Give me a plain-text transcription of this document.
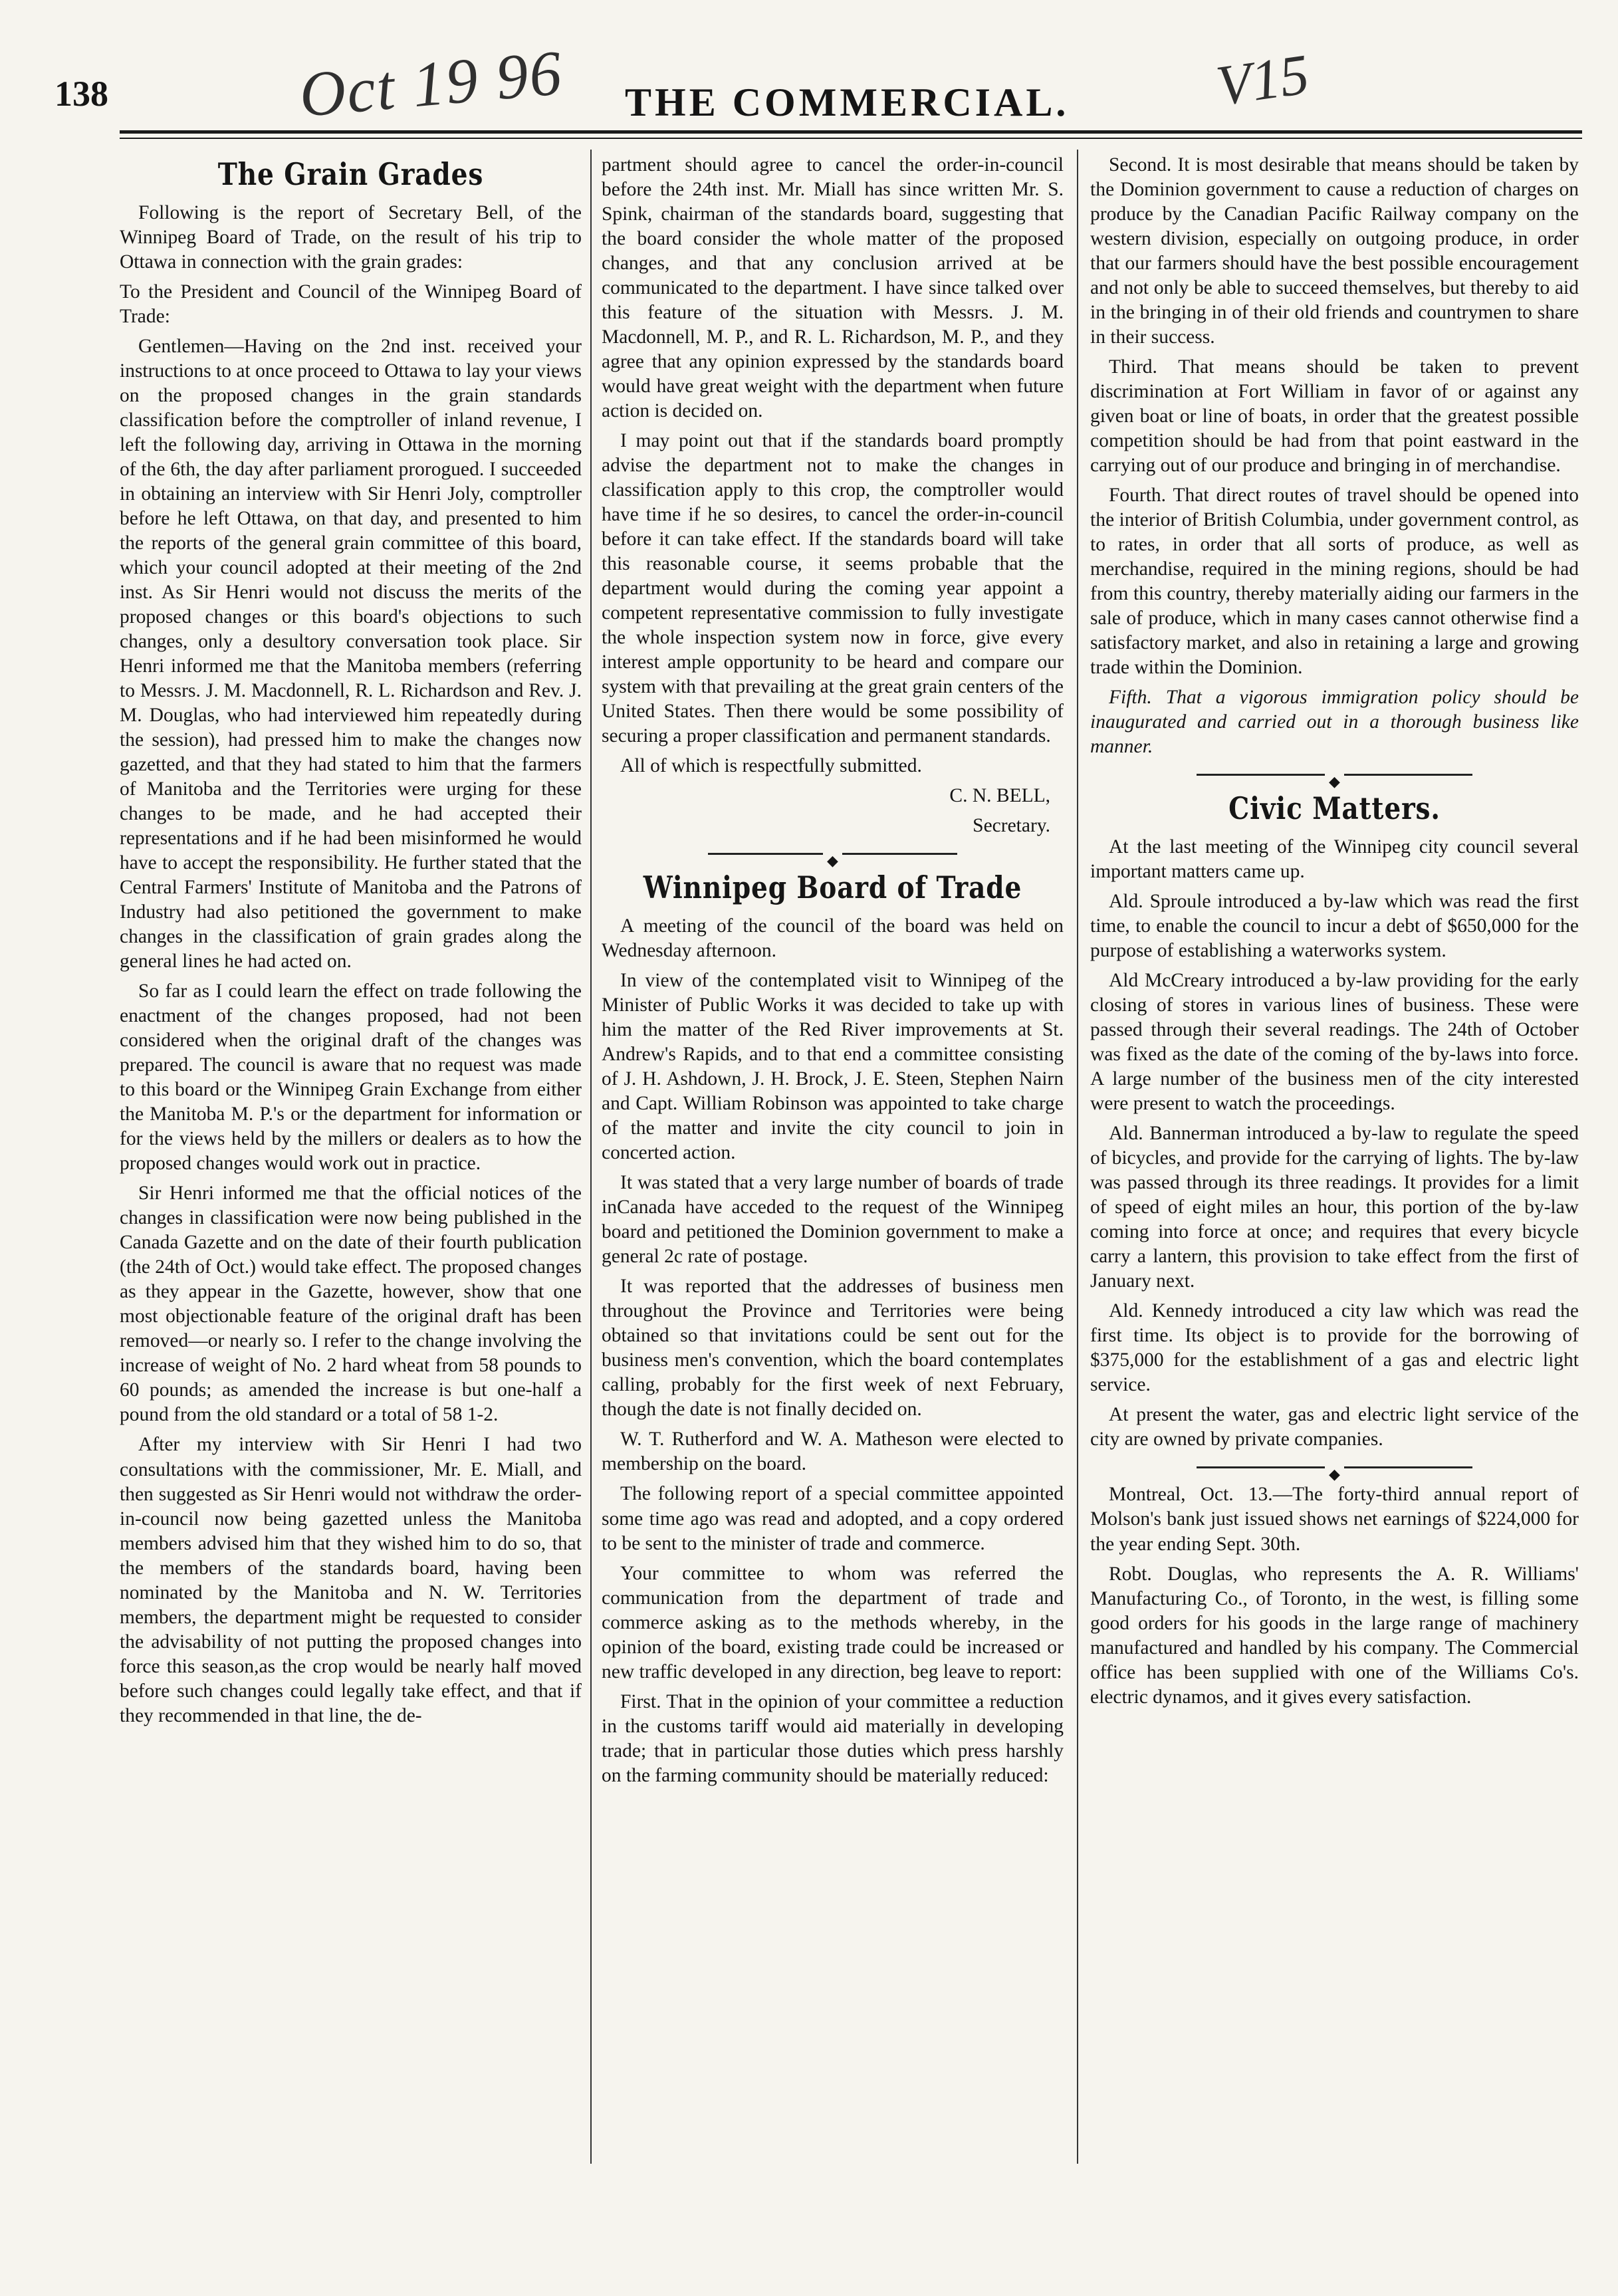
138	Oct 19 96 THE COMMERCIAL.	V15
The Grain Grades

Following is the report of Secretary Bell, of the Winnipeg Board of Trade, on the result of his trip to Ottawa in connection with the grain grades:

To the President and Council of the Winnipeg Board of Trade:

Gentlemen—Having on the 2nd inst. received your instructions to at once proceed to Ottawa to lay your views on the proposed changes in the grain standards classification before the comptroller of inland revenue, I left the following day, arriving in Ottawa in the morning of the 6th, the day after parliament prorogued. I succeeded in obtaining an interview with Sir Henri Joly, comptroller before he left Ottawa, on that day, and presented to him the reports of the general grain committee of this board, which your council adopted at their meeting of the 2nd inst. As Sir Henri would not discuss the merits of the proposed changes or this board's objections to such changes, only a desultory conversation took place. Sir Henri informed me that the Manitoba members (referring to Messrs. J. M. Macdonnell, R. L. Richardson and Rev. J. M. Douglas, who had interviewed him repeatedly during the session), had pressed him to make the changes now gazetted, and that they had stated to him that the farmers of Manitoba and the Territories were urging for these changes to be made, and he had accepted their representations and if he had been misinformed he would have to accept the responsibility. He further stated that the Central Farmers' Institute of Manitoba and the Patrons of Industry had also petitioned the government to make changes in the classification of grain grades along the general lines he had acted on.

So far as I could learn the effect on trade following the enactment of the changes proposed, had not been considered when the original draft of the changes was prepared. The council is aware that no request was made to this board or the Winnipeg Grain Exchange from either the Manitoba M. P.'s or the department for information or for the views held by the millers or dealers as to how the proposed changes would work out in practice.

Sir Henri informed me that the official notices of the changes in classification were now being published in the Canada Gazette and on the date of their fourth publication (the 24th of Oct.) would take effect. The proposed changes as they appear in the Gazette, however, show that one most objectionable feature of the original draft has been removed—or nearly so. I refer to the change involving the increase of weight of No. 2 hard wheat from 58 pounds to 60 pounds; as amended the increase is but one-half a pound from the old standard or a total of 58 1-2.

After my interview with Sir Henri I had two consultations with the commissioner, Mr. E. Miall, and then suggested as Sir Henri would not withdraw the order-in-council now being gazetted unless the Manitoba members advised him that they wished him to do so, that the members of the standards board, having been nominated by the Manitoba and N. W. Territories members, the department might be requested to consider the advisability of not putting the proposed changes into force this season,as the crop would be nearly half moved before such changes could legally take effect, and that if they recommended in that line, the de-

partment should agree to cancel the order-in-council before the 24th inst. Mr. Miall has since written Mr. S. Spink, chairman of the standards board, suggesting that the board consider the whole matter of the proposed changes, and that any conclusion arrived at be communicated to the department. I have since talked over this feature of the situation with Messrs. J. M. Macdonnell, M. P., and R. L. Richardson, M. P., and they agree that any opinion expressed by the standards board would have great weight with the department when future action is decided on.

I may point out that if the standards board promptly advise the department not to make the changes in classification apply to this crop, the comptroller would have time if he so desires, to cancel the order-in-council before it can take effect. If the standards board will take this reasonable course, it seems probable that the department would during the coming year appoint a competent representative commission to fully investigate the whole inspection system now in force, give every interest ample opportunity to be heard and compare our system with that prevailing at the great grain centers of the United States. Then there would be some possibility of securing a proper classification and permanent standards.

All of which is respectfully submitted.

C. N. BELL,

Secretary.

◆
Winnipeg Board of Trade

A meeting of the council of the board was held on Wednesday afternoon.

In view of the contemplated visit to Winnipeg of the Minister of Public Works it was decided to take up with him the matter of the Red River improvements at St. Andrew's Rapids, and to that end a committee consisting of J. H. Ashdown, J. H. Brock, J. E. Steen, Stephen Nairn and Capt. William Robinson was appointed to take charge of the matter and invite the city council to join in concerted action.

It was stated that a very large number of boards of trade inCanada have acceded to the request of the Winnipeg board and petitioned the Dominion government to make a general 2c rate of postage.

It was reported that the addresses of business men throughout the Province and Territories were being obtained so that invitations could be sent out for the business men's convention, which the board contemplates calling, probably for the first week of next February, though the date is not finally decided on.

W. T. Rutherford and W. A. Matheson were elected to membership on the board.

The following report of a special committee appointed some time ago was read and adopted, and a copy ordered to be sent to the minister of trade and commerce.

Your committee to whom was referred the communication from the department of trade and commerce asking as to the methods whereby, in the opinion of the board, existing trade could be increased or new traffic developed in any direction, beg leave to report:

First. That in the opinion of your committee a reduction in the customs tariff would aid materially in developing trade; that in particular those duties which press harshly on the farming community should be materially reduced:

Second. It is most desirable that means should be taken by the Dominion government to cause a reduction of charges on produce by the Canadian Pacific Railway company on the western division, especially on outgoing produce, in order that our farmers should have the best possible encouragement and not only be able to succeed themselves, but thereby to aid in the bringing in of their old friends and countrymen to share in their success.

Third. That means should be taken to prevent discrimination at Fort William in favor of or against any given boat or line of boats, in order that the greatest possible competition should be had from that point eastward in the carrying out of our produce and bringing in of merchandise.

Fourth. That direct routes of travel should be opened into the interior of British Columbia, under government control, as to rates, in order that all sorts of produce, as well as merchandise, required in the mining regions, should be had from this country, thereby materially aiding our farmers in the sale of produce, which in many cases cannot otherwise find a satisfactory market, and also in retaining a large and growing trade within the Dominion.

Fifth. That a vigorous immigration policy should be inaugurated and carried out in a thorough business like manner.

◆
Civic Matters.

At the last meeting of the Winnipeg city council several important matters came up.

Ald. Sproule introduced a by-law which was read the first time, to enable the council to incur a debt of $650,000 for the purpose of establishing a waterworks system.

Ald McCreary introduced a by-law providing for the early closing of stores in various lines of business. These were passed through their several readings. The 24th of October was fixed as the date of the coming of the by-laws into force. A large number of the business men of the city interested were present to watch the proceedings.

Ald. Bannerman introduced a by-law to regulate the speed of bicycles, and provide for the carrying of lights. The by-law was passed through its three readings. It provides for a limit of speed of eight miles an hour, this portion of the by-law coming into force at once; and requires that every bicycle carry a lantern, this provision to take effect from the first of January next.

Ald. Kennedy introduced a city law which was read the first time. Its object is to provide for the borrowing of $375,000 for the establishment of a gas and electric light service.

At present the water, gas and electric light service of the city are owned by private companies.

◆

Montreal, Oct. 13.—The forty-third annual report of Molson's bank just issued shows net earnings of $224,000 for the year ending Sept. 30th.

Robt. Douglas, who represents the A. R. Williams' Manufacturing Co., of Toronto, in the west, is filling some good orders for his goods in the large range of machinery manufactured and handled by his company. The Commercial office has been supplied with one of the Williams Co's. electric dynamos, and it gives every satisfaction.
